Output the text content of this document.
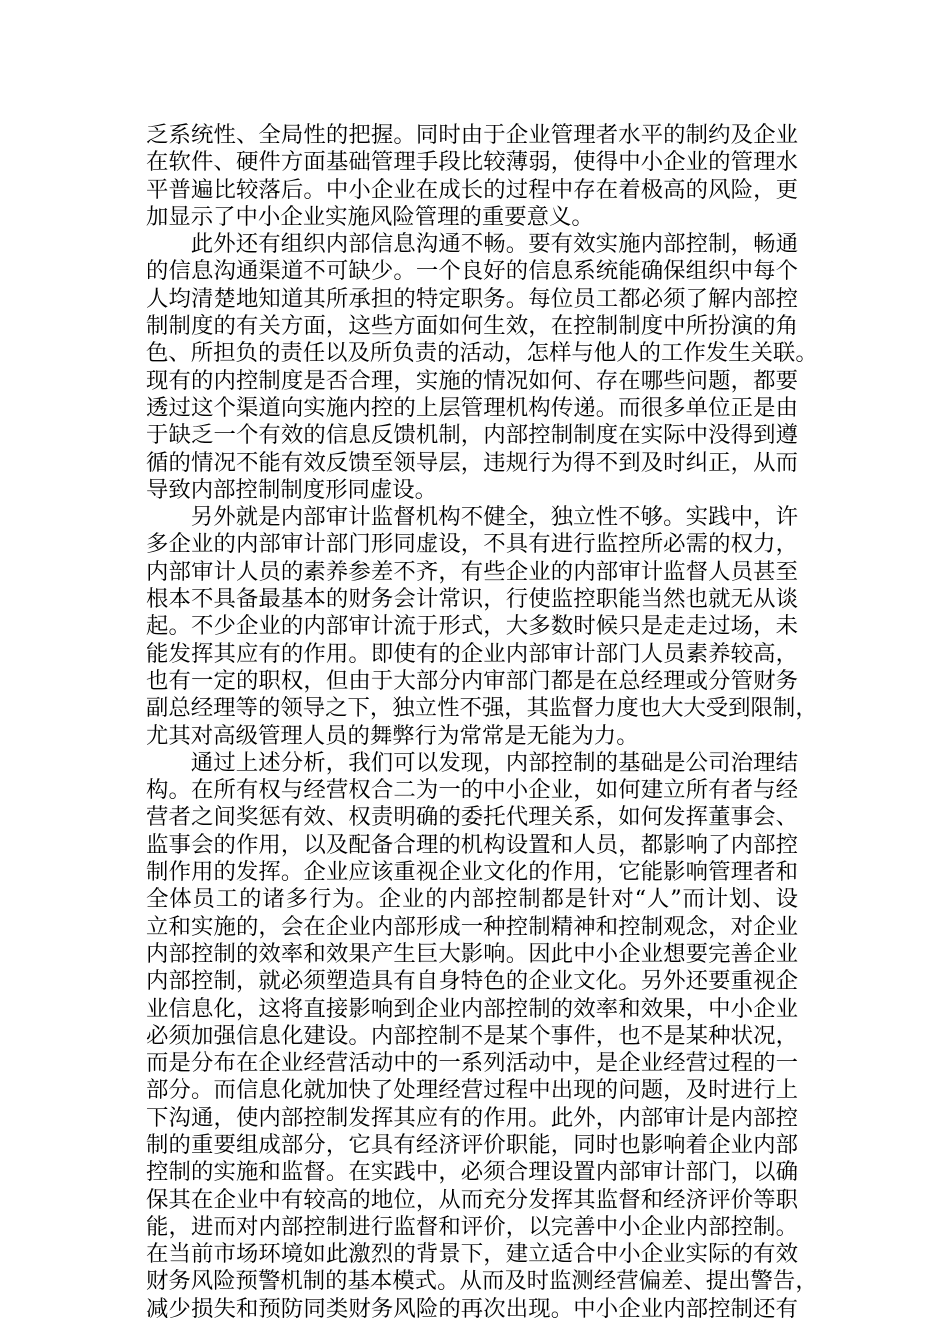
乏系统性、全局性的把握。同时由于企业管理者水平的制约及企业
在软件、硬件方面基础管理手段比较薄弱，使得中小企业的管理水
平普遍比较落后。中小企业在成长的过程中存在着极高的风险，更
加显示了中小企业实施风险管理的重要意义。
此外还有组织内部信息沟通不畅。要有效实施内部控制，畅通
的信息沟通渠道不可缺少。一个良好的信息系统能确保组织中每个
人均清楚地知道其所承担的特定职务。每位员工都必须了解内部控
制制度的有关方面，这些方面如何生效，在控制制度中所扮演的角
色、所担负的责任以及所负责的活动，怎样与他人的工作发生关联。
现有的内控制度是否合理，实施的情况如何、存在哪些问题，都要
透过这个渠道向实施内控的上层管理机构传递。而很多单位正是由
于缺乏一个有效的信息反馈机制，内部控制制度在实际中没得到遵
循的情况不能有效反馈至领导层，违规行为得不到及时纠正，从而
导致内部控制制度形同虚设。
另外就是内部审计监督机构不健全，独立性不够。实践中，许
多企业的内部审计部门形同虚设，不具有进行监控所必需的权力，
内部审计人员的素养参差不齐，有些企业的内部审计监督人员甚至
根本不具备最基本的财务会计常识，行使监控职能当然也就无从谈
起。不少企业的内部审计流于形式，大多数时候只是走走过场，未
能发挥其应有的作用。即使有的企业内部审计部门人员素养较高，
也有一定的职权，但由于大部分内审部门都是在总经理或分管财务
副总经理等的领导之下，独立性不强，其监督力度也大大受到限制，
尤其对高级管理人员的舞弊行为常常是无能为力。
通过上述分析，我们可以发现，内部控制的基础是公司治理结
构。在所有权与经营权合二为一的中小企业，如何建立所有者与经
营者之间奖惩有效、权责明确的委托代理关系，如何发挥董事会、
监事会的作用，以及配备合理的机构设置和人员，都影响了内部控
制作用的发挥。企业应该重视企业文化的作用，它能影响管理者和
全体员工的诸多行为。企业的内部控制都是针对“人”而计划、设
立和实施的，会在企业内部形成一种控制精神和控制观念，对企业
内部控制的效率和效果产生巨大影响。因此中小企业想要完善企业
内部控制，就必须塑造具有自身特色的企业文化。另外还要重视企
业信息化，这将直接影响到企业内部控制的效率和效果，中小企业
必须加强信息化建设。内部控制不是某个事件，也不是某种状况，
而是分布在企业经营活动中的一系列活动中，是企业经营过程的一
部分。而信息化就加快了处理经营过程中出现的问题，及时进行上
下沟通，使内部控制发挥其应有的作用。此外，内部审计是内部控
制的重要组成部分，它具有经济评价职能，同时也影响着企业内部
控制的实施和监督。在实践中，必须合理设置内部审计部门，以确
保其在企业中有较高的地位，从而充分发挥其监督和经济评价等职
能，进而对内部控制进行监督和评价，以完善中小企业内部控制。
在当前市场环境如此激烈的背景下，建立适合中小企业实际的有效
财务风险预警机制的基本模式。从而及时监测经营偏差、提出警告，
减少损失和预防同类财务风险的再次出现。中小企业内部控制还有
